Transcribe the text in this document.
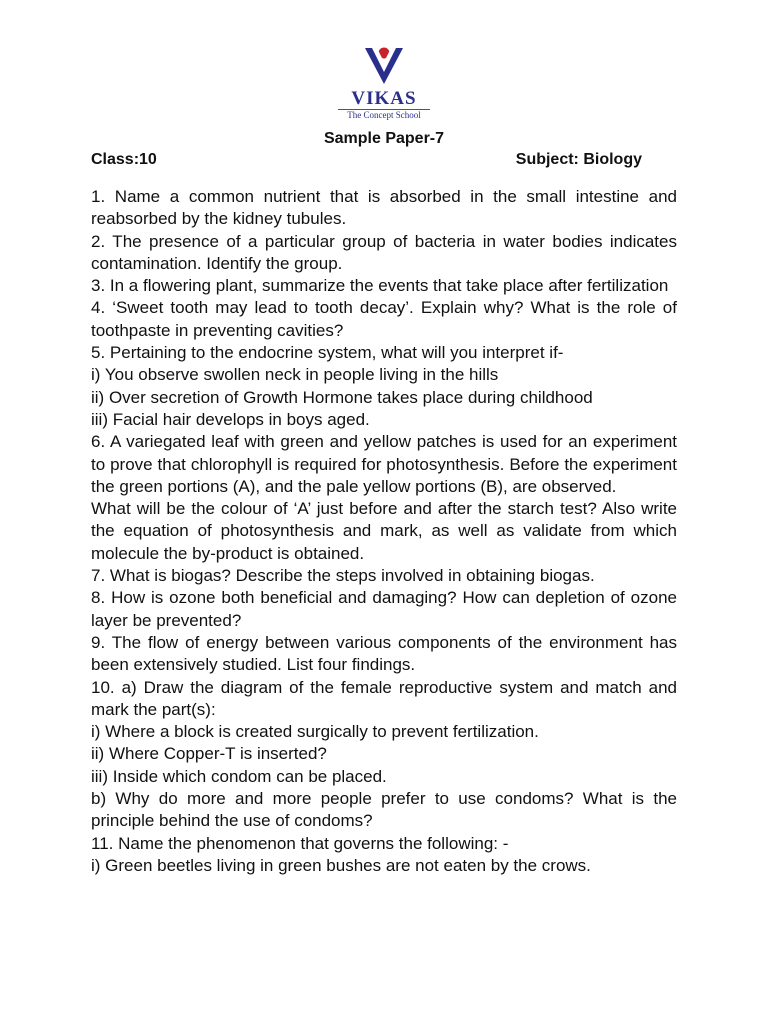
VIKAS
The Concept School
Sample Paper-7
Class:10	Subject: Biology
1. Name a common nutrient that is absorbed in the small intestine and reabsorbed by the kidney tubules.
2. The presence of a particular group of bacteria in water bodies indicates contamination. Identify the group.
3. In a flowering plant, summarize the events that take place after fertilization
4. ‘Sweet tooth may lead to tooth decay’. Explain why? What is the role of toothpaste in preventing cavities?
5. Pertaining to the endocrine system, what will you interpret if-
i) You observe swollen neck in people living in the hills
ii) Over secretion of Growth Hormone takes place during childhood
iii) Facial hair develops in boys aged.
6. A variegated leaf with green and yellow patches is used for an experiment to prove that chlorophyll is required for photosynthesis. Before the experiment the green portions (A), and the pale yellow portions (B), are observed.
What will be the colour of ‘A’ just before and after the starch test? Also write the equation of photosynthesis and mark, as well as validate from which molecule the by-product is obtained.
7. What is biogas? Describe the steps involved in obtaining biogas.
8. How is ozone both beneficial and damaging? How can depletion of ozone layer be prevented?
9. The flow of energy between various components of the environment has been extensively studied. List four findings.
10. a) Draw the diagram of the female reproductive system and match and mark the part(s):
i) Where a block is created surgically to prevent fertilization.
ii) Where Copper-T is inserted?
iii) Inside which condom can be placed.
b) Why do more and more people prefer to use condoms? What is the principle behind the use of condoms?
11. Name the phenomenon that governs the following: -
i) Green beetles living in green bushes are not eaten by the crows.
